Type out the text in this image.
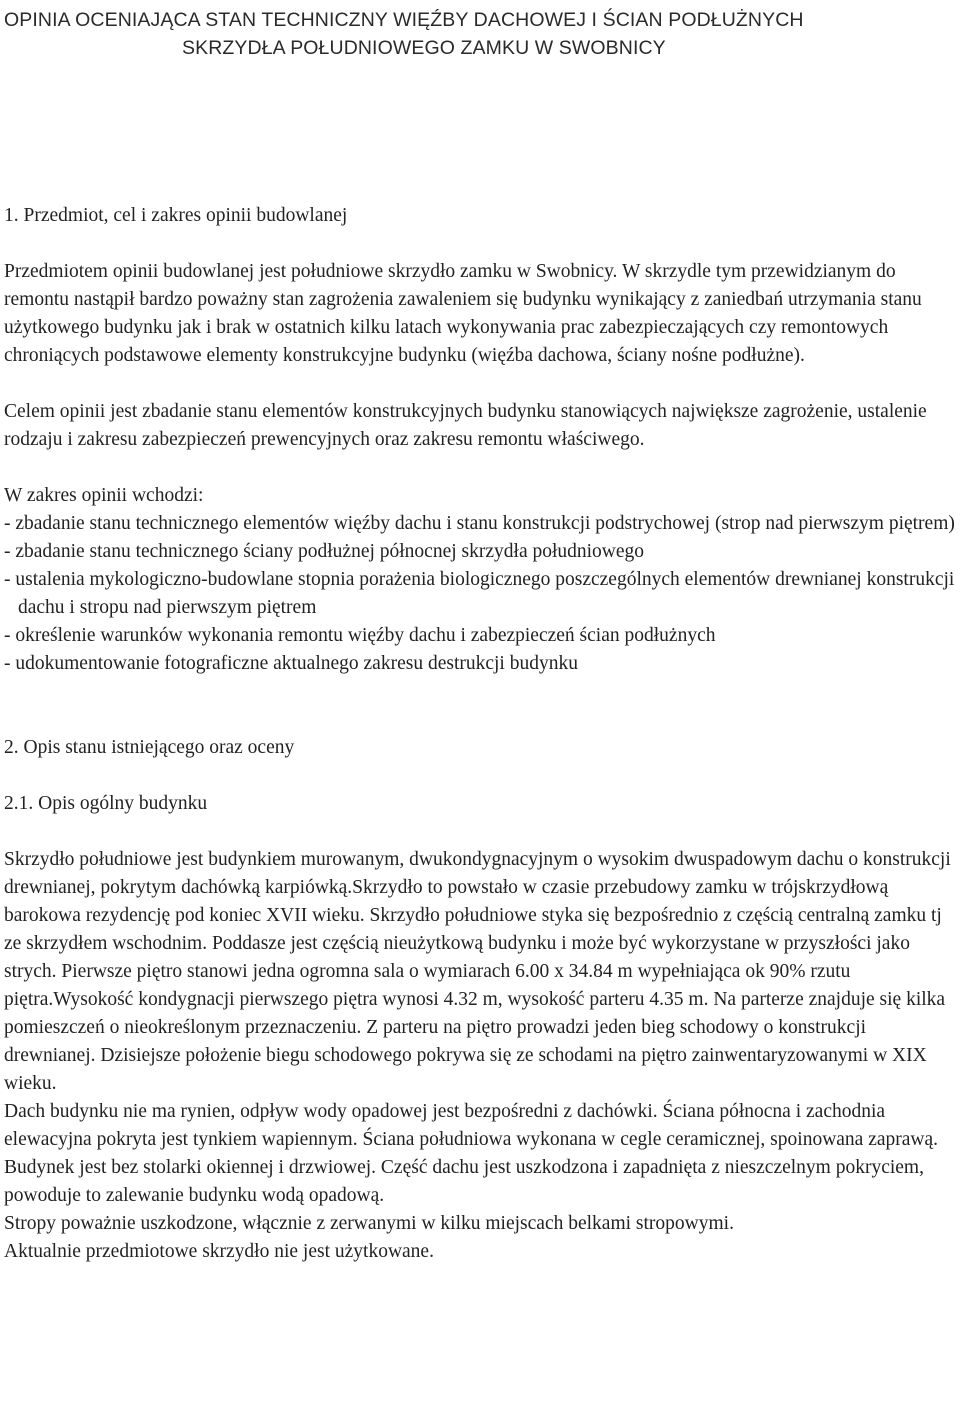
OPINIA OCENIAJĄCA STAN TECHNICZNY WIĘŹBY DACHOWEJ I ŚCIAN PODŁUŻNYCH
SKRZYDŁA POŁUDNIOWEGO ZAMKU W SWOBNICY
1. Przedmiot, cel i zakres opinii budowlanej

Przedmiotem opinii budowlanej jest południowe skrzydło zamku w Swobnicy. W skrzydle tym przewidzianym do remontu nastąpił bardzo poważny stan zagrożenia zawaleniem się budynku wynikający z zaniedbań utrzymania stanu użytkowego budynku jak i brak w ostatnich kilku latach wykonywania prac zabezpieczających czy remontowych chroniących podstawowe elementy konstrukcyjne budynku (więźba dachowa, ściany nośne podłużne).

Celem opinii jest zbadanie stanu elementów konstrukcyjnych budynku stanowiących największe zagrożenie, ustalenie rodzaju i zakresu zabezpieczeń prewencyjnych oraz zakresu remontu właściwego.

W zakres opinii wchodzi:

- zbadanie stanu technicznego elementów więźby dachu i stanu konstrukcji podstrychowej (strop nad pierwszym piętrem)
- zbadanie stanu technicznego ściany podłużnej północnej skrzydła południowego
- ustalenia mykologiczno-budowlane stopnia porażenia biologicznego poszczególnych elementów drewnianej konstrukcji dachu i stropu nad pierwszym piętrem
- określenie warunków wykonania remontu więźby dachu i zabezpieczeń ścian podłużnych
- udokumentowanie fotograficzne aktualnego zakresu destrukcji budynku
2. Opis stanu istniejącego oraz oceny
2.1. Opis ogólny budynku

Skrzydło południowe jest budynkiem murowanym, dwukondygnacyjnym o wysokim dwuspadowym dachu o konstrukcji drewnianej, pokrytym dachówką karpiówką.Skrzydło to powstało w czasie przebudowy zamku w trójskrzydłową barokowa rezydencję pod koniec XVII wieku. Skrzydło południowe styka się bezpośrednio z częścią centralną zamku tj ze skrzydłem wschodnim. Poddasze jest częścią nieużytkową budynku i może być wykorzystane w przyszłości jako strych. Pierwsze piętro stanowi jedna ogromna sala o wymiarach 6.00 x 34.84 m wypełniająca ok 90% rzutu piętra.Wysokość kondygnacji pierwszego piętra wynosi 4.32 m, wysokość parteru 4.35 m. Na parterze znajduje się kilka pomieszczeń o nieokreślonym przeznaczeniu. Z parteru na piętro prowadzi jeden bieg schodowy o konstrukcji drewnianej. Dzisiejsze położenie biegu schodowego pokrywa się ze schodami na piętro zainwentaryzowanymi w XIX wieku.

Dach budynku nie ma rynien, odpływ wody opadowej jest bezpośredni z dachówki. Ściana północna i zachodnia elewacyjna pokryta jest tynkiem wapiennym. Ściana południowa wykonana w cegle ceramicznej, spoinowana zaprawą.

Budynek jest bez stolarki okiennej i drzwiowej. Część dachu jest uszkodzona i zapadnięta z nieszczelnym pokryciem, powoduje to zalewanie budynku wodą opadową.

Stropy poważnie uszkodzone, włącznie z zerwanymi w kilku miejscach belkami stropowymi.

Aktualnie przedmiotowe skrzydło nie jest użytkowane.
